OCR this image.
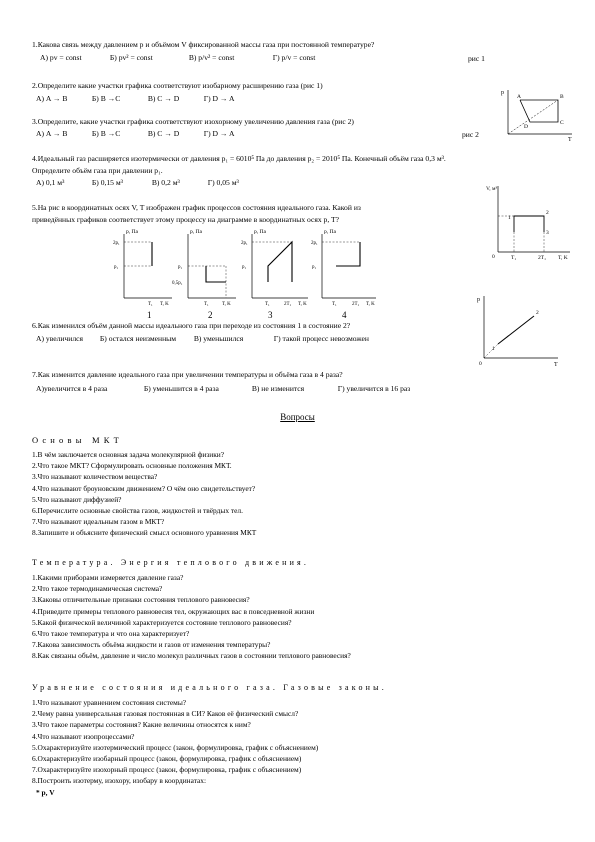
1.Какова связь между давлением p и объёмом V фиксированной массы газа при постоянной температуре?
А) pv = const	Б) pv² = const	В) p/v² = const	Г) p/v = const	рис 1
p
T
A	B
C
D
2.Определите какие участки графика соответствуют изобарному расширению газа (рис 1)
А) A → B	Б) B →C	В) C → D	Г) D → A
3.Определите, какие участки графика соответствуют изохорному увеличению давления газа (рис 2)
А) A → B	Б) B →C	В) C → D	Г) D → A	рис 2
4.Идеальный газ расширяется изотермически от давления p₁ = 6010⁵ Па до давления p₂ = 2010⁵ Па. Конечный объём газа 0,3 м³.
Определите объём газа при давлении p₁.
А) 0,1 м³	Б) 0,15 м³	В) 0,2 м³	Г) 0,05 м³
V, м³
1
2
3
0	T₁	2T₁ T, K
5.На рис в координатных осях V, T изображен график процессов состояния идеального газа. Какой из
приведённых графиков соответствует этому процессу на диаграмме в координатных осях p, T?
p, Па
2p₁
p₁
T₁ T, K
p, Па
p₁
0,5p₁
T₁	T, K
p, Па
2p₁
p₁
T₁	2T₁ T, K
p, Па
2p₁
p₁
T₁	2T₁ T, K
1	2	3	4
p
T
1
2
0
6.Как изменился объём данной массы идеального газа при переходе из состояния 1 в состояние 2?
А) увеличился Б) остался неизменным В) уменьшился	Г) такой процесс невозможен
7.Как изменится давление идеального газа при увеличении температуры и объёма газа в 4 раза?
А)увеличится в 4 раза	Б) уменьшится в 4 раза	В) не изменится	Г) увеличится в 16 раз
Вопросы
Основы МКТ
1.В чём заключается основная задача молекулярной физики?
2.Что такое МКТ? Сформулировать основные положения МКТ.
3.Что называют количеством вещества?
4.Что называют броуновским движением? О чём оно свидетельствует?
5.Что называют диффузией?
6.Перечислите основные свойства газов, жидкостей и твёрдых тел.
7.Что называют идеальным газом в МКТ?
8.Запишите и объясните физический смысл основного уравнения МКТ
Температура. Энергия теплового движения.
1.Какими приборами измеряется давление газа?
2.Что такое термодинамическая система?
3.Каковы отличительные признаки состояния теплового равновесия?
4.Приведите примеры теплового равновесия тел, окружающих вас в повседневной жизни
5.Какой физической величиной характеризуется состояние теплового равновесия?
6.Что такое температура и что она характеризует?
7.Какова зависимость объёма жидкости и газов от изменения температуры?
8.Как связаны объём, давление и число молекул различных газов в состоянии теплового равновесия?
Уравнение состояния идеального газа. Газовые законы.
1.Что называют уравнением состояния системы?
2.Чему равна универсальная газовая постоянная в СИ? Каков её физический смысл?
3.Что такое параметры состояния? Какие величины относятся к ним?
4.Что называют изопроцессами?
5.Охарактеризуйте изотермический процесс (закон, формулировка, график с объяснением)
6.Охарактеризуйте изобарный процесс (закон, формулировка, график с объяснением)
7.Охарактеризуйте изохорный процесс (закон, формулировка, график с объяснением)
8.Построить изотерму, изохору, изобару в координатах:
* p, V
